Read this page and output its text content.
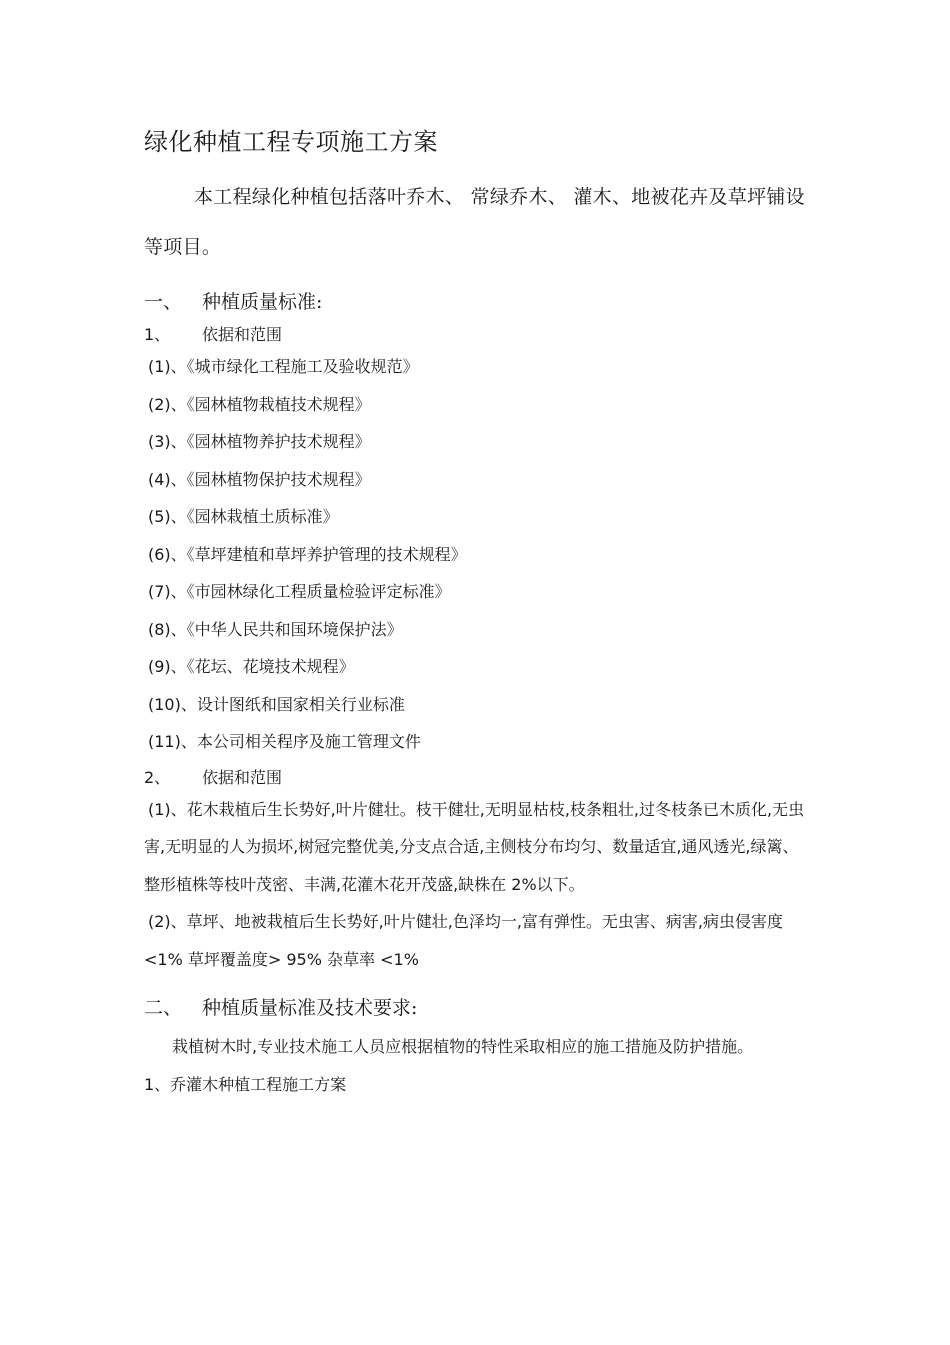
绿化种植工程专项施工方案

本工程绿化种植包括落叶乔木、 常绿乔木、 灌木、地被花卉及草坪铺设等项目。

一、	种植质量标准:
1、	依据和范围
(1)、《城市绿化工程施工及验收规范》
(2)、《园林植物栽植技术规程》
(3)、《园林植物养护技术规程》
(4)、《园林植物保护技术规程》
(5)、《园林栽植土质标准》
(6)、《草坪建植和草坪养护管理的技术规程》
(7)、《市园林绿化工程质量检验评定标准》
(8)、《中华人民共和国环境保护法》
(9)、《花坛、花境技术规程》
(10)、设计图纸和国家相关行业标准
(11)、本公司相关程序及施工管理文件
2、	依据和范围

(1)、花木栽植后生长势好,叶片健壮。枝干健壮,无明显枯枝,枝条粗壮,过冬枝条已木质化,无虫害,无明显的人为损坏,树冠完整优美,分支点合适,主侧枝分布均匀、数量适宜,通风透光,绿篱、整形植株等枝叶茂密、丰满,花灌木花开茂盛,缺株在 2%以下。

(2)、草坪、地被栽植后生长势好,叶片健壮,色泽均一,富有弹性。无虫害、病害,病虫侵害度 <1% 草坪覆盖度> 95% 杂草率 <1%

二、	种植质量标准及技术要求:

栽植树木时,专业技术施工人员应根据植物的特性采取相应的施工措施及防护措施。

1、乔灌木种植工程施工方案
